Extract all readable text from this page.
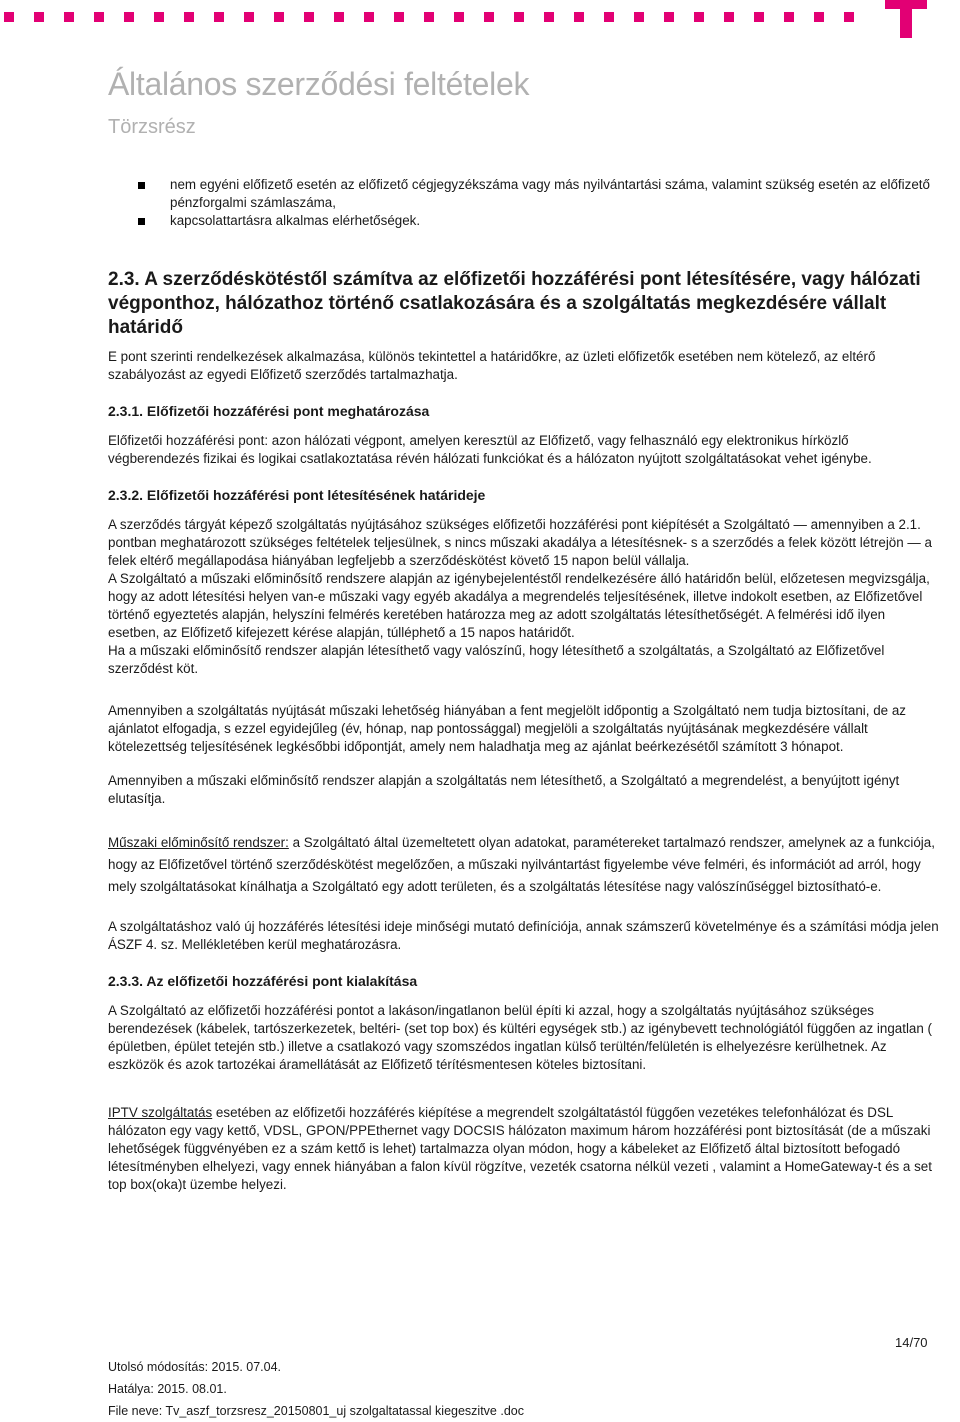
Általános szerződési feltételek
Törzsrész
nem egyéni előfizető esetén az előfizető cégjegyzékszáma vagy más nyilvántartási száma, valamint szükség esetén az előfizető pénzforgalmi számlaszáma,
kapcsolattartásra alkalmas elérhetőségek.
2.3. A szerződéskötéstől számítva az előfizetői hozzáférési pont létesítésére, vagy hálózati végponthoz, hálózathoz történő csatlakozására és a szolgáltatás megkezdésére vállalt határidő

E pont szerinti rendelkezések alkalmazása, különös tekintettel a határidőkre, az üzleti előfizetők esetében nem kötelező, az eltérő szabályozást az egyedi Előfizető szerződés tartalmazhatja.

2.3.1. Előfizetői hozzáférési pont meghatározása

Előfizetői hozzáférési pont: azon hálózati végpont, amelyen keresztül az Előfizető, vagy felhasználó egy elektronikus hírközlő végberendezés fizikai és logikai csatlakoztatása révén hálózati funkciókat és a hálózaton nyújtott szolgáltatásokat vehet igénybe.

2.3.2. Előfizetői hozzáférési pont létesítésének határideje

A szerződés tárgyát képező szolgáltatás nyújtásához szükséges előfizetői hozzáférési pont kiépítését a Szolgáltató — amennyiben a 2.1. pontban meghatározott szükséges feltételek teljesülnek, s nincs műszaki akadálya a létesítésnek- s a szerződés a felek között létrejön — a felek eltérő megállapodása hiányában legfeljebb a szerződéskötést követő 15 napon belül vállalja.

A Szolgáltató a műszaki előminősítő rendszere alapján az igénybejelentéstől rendelkezésére álló határidőn belül, előzetesen megvizsgálja, hogy az adott létesítési helyen van-e műszaki vagy egyéb akadálya a megrendelés teljesítésének, illetve indokolt esetben, az Előfizetővel történő egyeztetés alapján, helyszíni felmérés keretében határozza meg az adott szolgáltatás létesíthetőségét. A felmérési idő ilyen esetben, az Előfizető kifejezett kérése alapján, túlléphető a 15 napos határidőt.

Ha a műszaki előminősítő rendszer alapján létesíthető vagy valószínű, hogy létesíthető a szolgáltatás, a Szolgáltató az Előfizetővel szerződést köt.

Amennyiben a szolgáltatás nyújtását műszaki lehetőség hiányában a fent megjelölt időpontig a Szolgáltató nem tudja biztosítani, de az ajánlatot elfogadja, s ezzel egyidejűleg (év, hónap, nap pontossággal) megjelöli a szolgáltatás nyújtásának megkezdésére vállalt kötelezettség teljesítésének legkésőbbi időpontját, amely nem haladhatja meg az ajánlat beérkezésétől számított 3 hónapot.

Amennyiben a műszaki előminősítő rendszer alapján a szolgáltatás nem létesíthető, a Szolgáltató a megrendelést, a benyújtott igényt elutasítja.

Műszaki előminősítő rendszer: a Szolgáltató által üzemeltetett olyan adatokat, paramétereket tartalmazó rendszer, amelynek az a funkciója, hogy az Előfizetővel történő szerződéskötést megelőzően, a műszaki nyilvántartást figyelembe véve felméri, és információt ad arról, hogy mely szolgáltatásokat kínálhatja a Szolgáltató egy adott területen, és a szolgáltatás létesítése nagy valószínűséggel biztosítható-e.

A szolgáltatáshoz való új hozzáférés létesítési ideje minőségi mutató definíciója, annak számszerű követelménye és a számítási módja jelen ÁSZF 4. sz. Mellékletében kerül meghatározásra.

2.3.3. Az előfizetői hozzáférési pont kialakítása

A Szolgáltató az előfizetői hozzáférési pontot a lakáson/ingatlanon belül építi ki azzal, hogy a szolgáltatás nyújtásához szükséges berendezések (kábelek, tartószerkezetek, beltéri- (set top box) és kültéri egységek stb.) az igénybevett technológiától függően az ingatlan ( épületben, épület tetején stb.) illetve a csatlakozó vagy szomszédos ingatlan külső terültén/felületén is elhelyezésre kerülhetnek. Az eszközök és azok tartozékai áramellátását az Előfizető térítésmentesen köteles biztosítani.

IPTV szolgáltatás esetében az előfizetői hozzáférés kiépítése a megrendelt szolgáltatástól függően vezetékes telefonhálózat és DSL hálózaton egy vagy kettő, VDSL, GPON/PPEthernet vagy DOCSIS hálózaton maximum három hozzáférési pont biztosítását (de a műszaki lehetőségek függvényében ez a szám kettő is lehet) tartalmazza olyan módon, hogy a kábeleket az Előfizető által biztosított befogadó létesítményben elhelyezi, vagy ennek hiányában a falon kívül rögzítve, vezeték csatorna nélkül vezeti , valamint a HomeGateway-t és a set top box(oka)t üzembe helyezi.

14/70
Utolsó módosítás: 2015. 07.04.
Hatálya: 2015. 08.01.
File neve: Tv_aszf_torzsresz_20150801_uj szolgaltatassal kiegeszitve .doc
